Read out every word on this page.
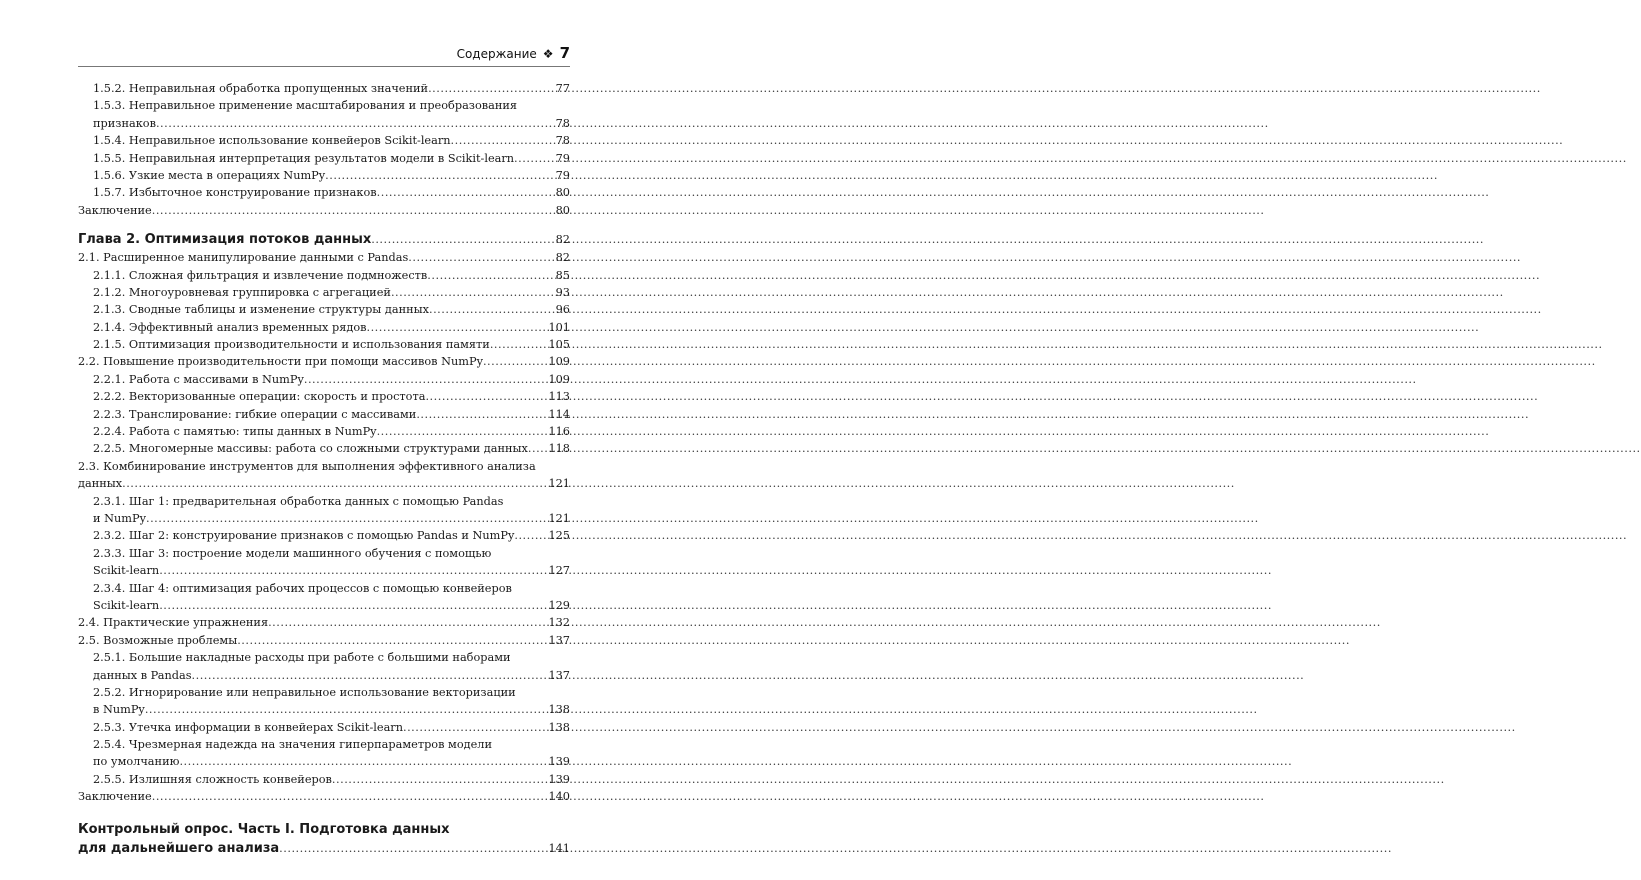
Содержание ❖ 7
1.5.2. Неправильная обработка пропущенных значений .....	77
1.5.3. Неправильное применение масштабирования и преобразования
признаков .....	78
1.5.4. Неправильное использование конвейеров Scikit-learn .....	78
1.5.5. Неправильная интерпретация результатов модели в Scikit-learn .....	79
1.5.6. Узкие места в операциях NumPy .....	79
1.5.7. Избыточное конструирование признаков .....	80
Заключение .....	80
Глава 2. Оптимизация потоков данных .....	82
2.1. Расширенное манипулирование данными с Pandas .....	82
2.1.1. Сложная фильтрация и извлечение подмножеств .....	85
2.1.2. Многоуровневая группировка с агрегацией .....	93
2.1.3. Сводные таблицы и изменение структуры данных .....	96
2.1.4. Эффективный анализ временных рядов .....	101
2.1.5. Оптимизация производительности и использования памяти .....	105
2.2. Повышение производительности при помощи массивов NumPy .....	109
2.2.1. Работа с массивами в NumPy .....	109
2.2.2. Векторизованные операции: скорость и простота .....	113
2.2.3. Транслирование: гибкие операции с массивами .....	114
2.2.4. Работа с памятью: типы данных в NumPy .....	116
2.2.5. Многомерные массивы: работа со сложными структурами данных ..... 118
2.3. Комбинирование инструментов для выполнения эффективного анализа
данных .....	121
2.3.1. Шаг 1: предварительная обработка данных с помощью Pandas
и NumPy .....	121
2.3.2. Шаг 2: конструирование признаков с помощью Pandas и NumPy .....	125
2.3.3. Шаг 3: построение модели машинного обучения с помощью
Scikit-learn .....	127
2.3.4. Шаг 4: оптимизация рабочих процессов с помощью конвейеров
Scikit-learn .....	129
2.4. Практические упражнения .....	132
2.5. Возможные проблемы .....	137
2.5.1. Большие накладные расходы при работе с большими наборами
данных в Pandas .....	137
2.5.2. Игнорирование или неправильное использование векторизации
в NumPy .....	138
2.5.3. Утечка информации в конвейерах Scikit-learn .....	138
2.5.4. Чрезмерная надежда на значения гиперпараметров модели
по умолчанию .....	139
2.5.5. Излишняя сложность конвейеров .....	139
Заключение .....	140
Контрольный опрос. Часть I. Подготовка данных
для дальнейшего анализа .....	141
